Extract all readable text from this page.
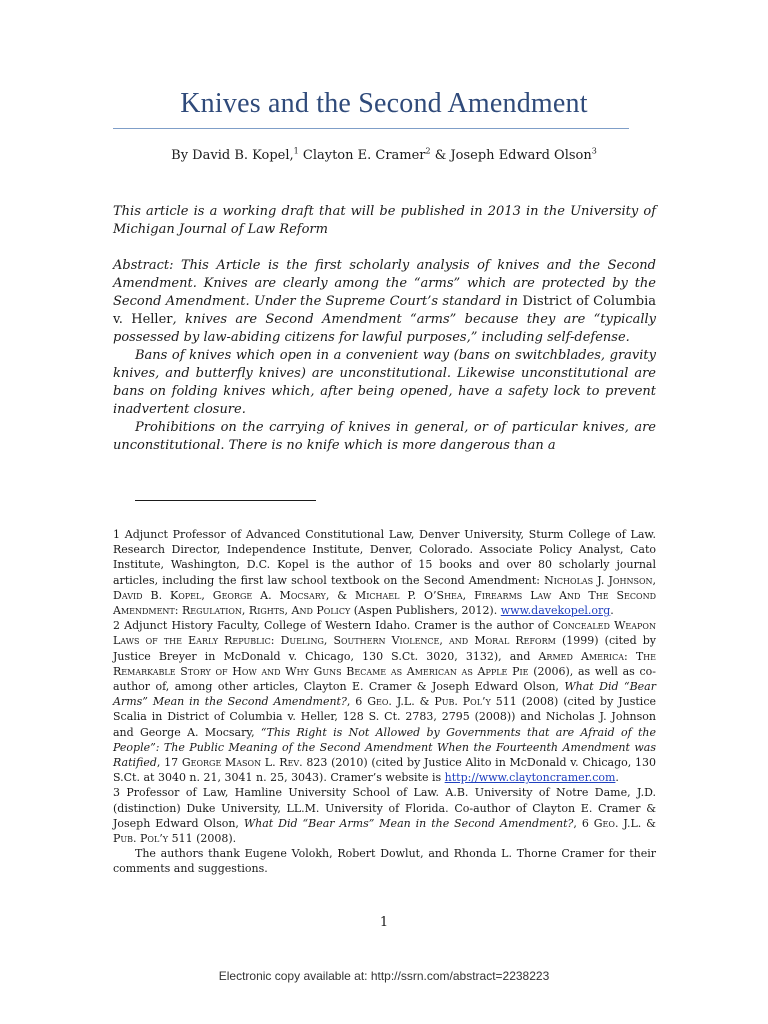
Knives and the Second Amendment
By David B. Kopel,$^1$ Clayton E. Cramer$^2$ & Joseph Edward Olson$^3$
This article is a working draft that will be published in 2013 in the University of Michigan Journal of Law Reform

Abstract: This Article is the first scholarly analysis of knives and the Second Amendment. Knives are clearly among the “arms” which are protected by the Second Amendment. Under the Supreme Court’s standard in District of Columbia v. Heller, knives are Second Amendment “arms” because they are “typically possessed by law-abiding citizens for lawful purposes,” including self-defense.

Bans of knives which open in a convenient way (bans on switchblades, gravity knives, and butterfly knives) are unconstitutional. Likewise unconstitutional are bans on folding knives which, after being opened, have a safety lock to prevent inadvertent closure.

Prohibitions on the carrying of knives in general, or of particular knives, are unconstitutional. There is no knife which is more dangerous than a

1 Adjunct Professor of Advanced Constitutional Law, Denver University, Sturm College of Law. Research Director, Independence Institute, Denver, Colorado. Associate Policy Analyst, Cato Institute, Washington, D.C. Kopel is the author of 15 books and over 80 scholarly journal articles, including the first law school textbook on the Second Amendment: Nicholas J. Johnson, David B. Kopel, George A. Mocsary, & Michael P. O’Shea, Firearms Law And The Second Amendment: Regulation, Rights, And Policy (Aspen Publishers, 2012). www.davekopel.org.

2 Adjunct History Faculty, College of Western Idaho. Cramer is the author of Concealed Weapon Laws of the Early Republic: Dueling, Southern Violence, and Moral Reform (1999) (cited by Justice Breyer in McDonald v. Chicago, 130 S.Ct. 3020, 3132), and Armed America: The Remarkable Story of How and Why Guns Became as American as Apple Pie (2006), as well as co-author of, among other articles, Clayton E. Cramer & Joseph Edward Olson, What Did “Bear Arms” Mean in the Second Amendment?, 6 Geo. J.L. & Pub. Pol’y 511 (2008) (cited by Justice Scalia in District of Columbia v. Heller, 128 S. Ct. 2783, 2795 (2008)) and Nicholas J. Johnson and George A. Mocsary, “This Right is Not Allowed by Governments that are Afraid of the People”: The Public Meaning of the Second Amendment When the Fourteenth Amendment was Ratified, 17 George Mason L. Rev. 823 (2010) (cited by Justice Alito in McDonald v. Chicago, 130 S.Ct. at 3040 n. 21, 3041 n. 25, 3043). Cramer’s website is http://www.claytoncramer.com.

3 Professor of Law, Hamline University School of Law. A.B. University of Notre Dame, J.D. (distinction) Duke University, LL.M. University of Florida. Co-author of Clayton E. Cramer & Joseph Edward Olson, What Did “Bear Arms” Mean in the Second Amendment?, 6 Geo. J.L. & Pub. Pol’y 511 (2008).

The authors thank Eugene Volokh, Robert Dowlut, and Rhonda L. Thorne Cramer for their comments and suggestions.

1
Electronic copy available at: http://ssrn.com/abstract=2238223
